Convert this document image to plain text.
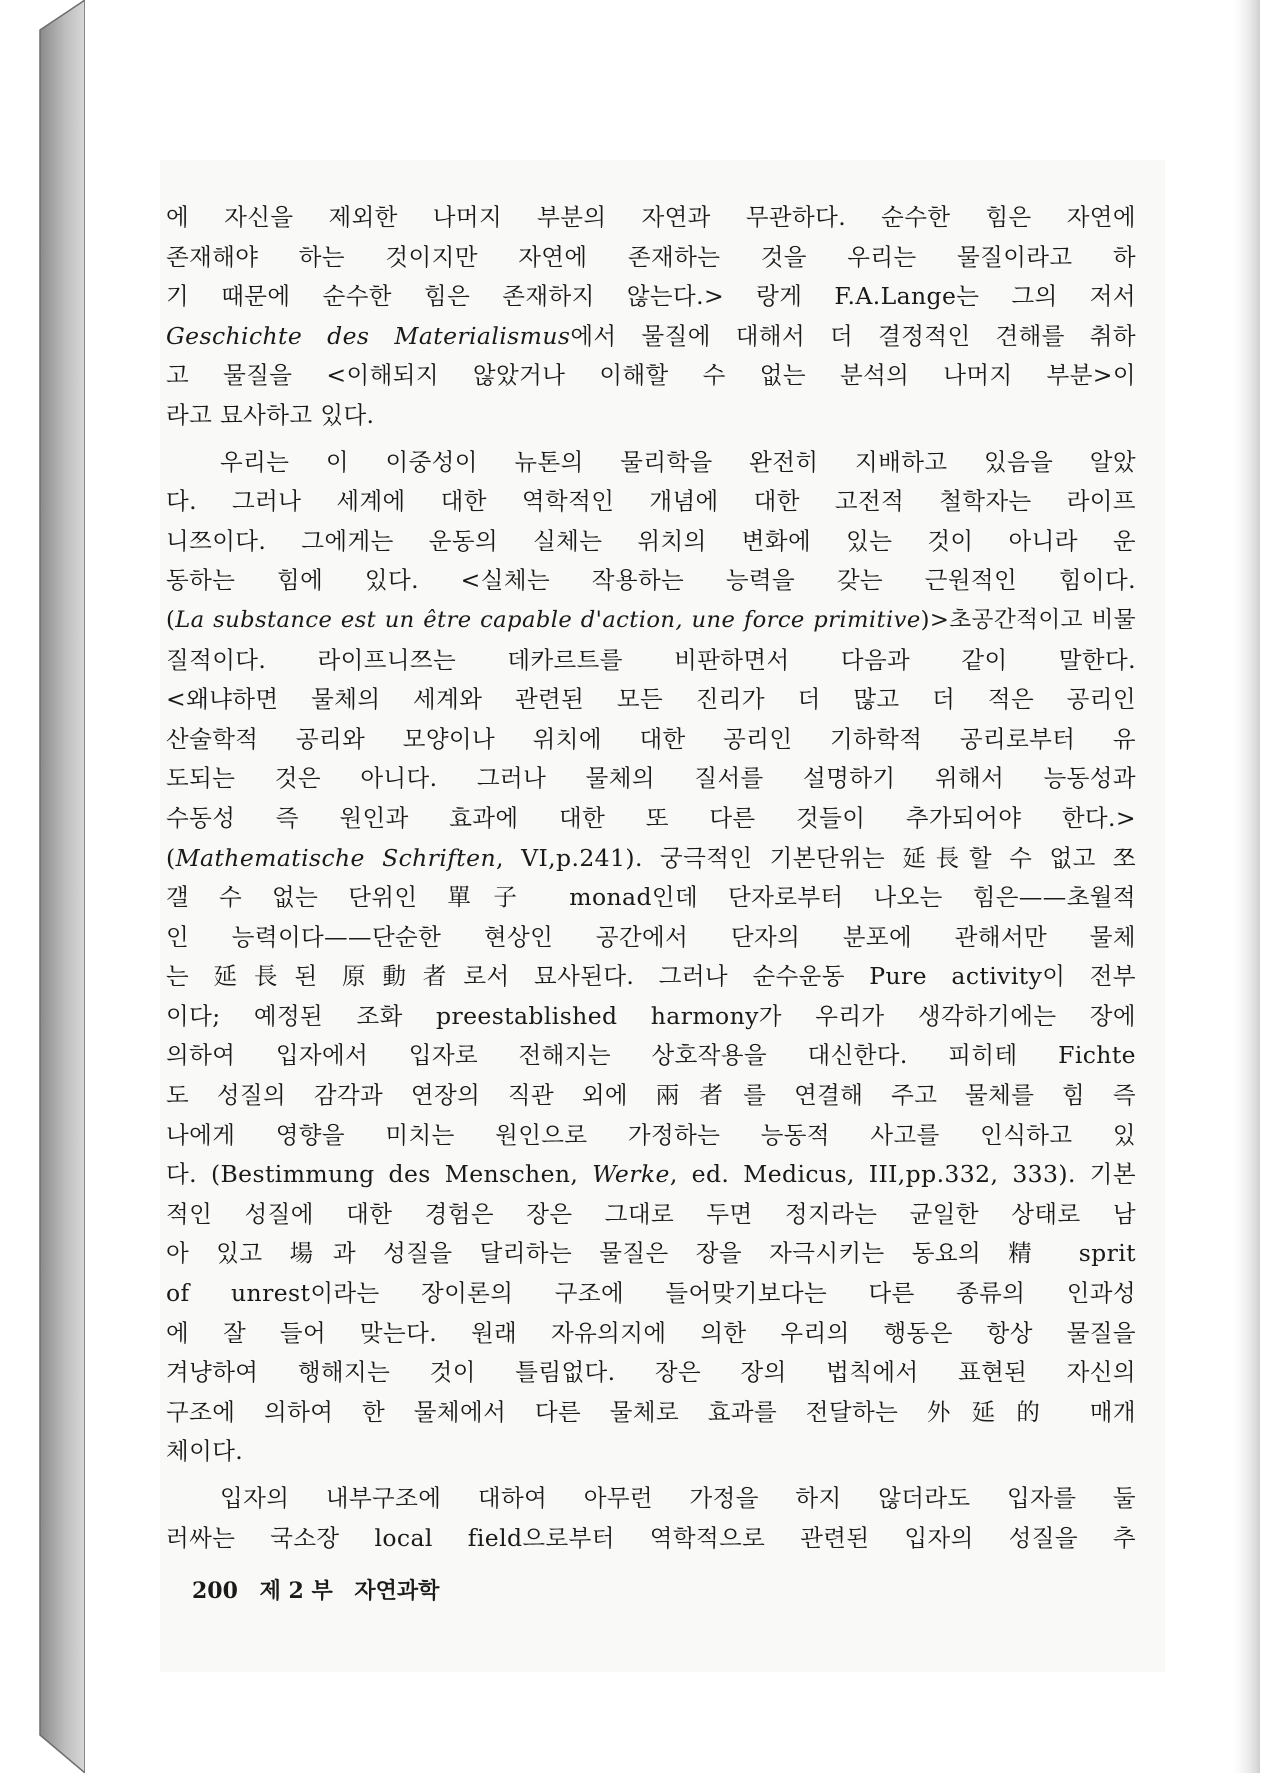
에 자신을 제외한 나머지 부분의 자연과 무관하다. 순수한 힘은 자연에
존재해야 하는 것이지만 자연에 존재하는 것을 우리는 물질이라고 하
기 때문에 순수한 힘은 존재하지 않는다.> 랑게 F.A.Lange는 그의 저서
Geschichte des Materialismus에서 물질에 대해서 더 결정적인 견해를 취하
고 물질을 <이해되지 않았거나 이해할 수 없는 분석의 나머지 부분>이
라고 묘사하고 있다.
우리는 이 이중성이 뉴톤의 물리학을 완전히 지배하고 있음을 알았
다. 그러나 세계에 대한 역학적인 개념에 대한 고전적 철학자는 라이프
니쯔이다. 그에게는 운동의 실체는 위치의 변화에 있는 것이 아니라 운
동하는 힘에 있다. <실체는 작용하는 능력을 갖는 근원적인 힘이다.
(La substance est un être capable d'action, une force primitive)>초공간적이고 비물
질적이다. 라이프니쯔는 데카르트를 비판하면서 다음과 같이 말한다.
<왜냐하면 물체의 세계와 관련된 모든 진리가 더 많고 더 적은 공리인
산술학적 공리와 모양이나 위치에 대한 공리인 기하학적 공리로부터 유
도되는 것은 아니다. 그러나 물체의 질서를 설명하기 위해서 능동성과
수동성 즉 원인과 효과에 대한 또 다른 것들이 추가되어야 한다.>
(Mathematische Schriften, VI,p.241). 궁극적인 기본단위는 延長할 수 없고 쪼
갤 수 없는 단위인 單子 monad인데 단자로부터 나오는 힘은——초월적
인 능력이다——단순한 현상인 공간에서 단자의 분포에 관해서만 물체
는 延長된 原動者로서 묘사된다. 그러나 순수운동 Pure activity이 전부
이다; 예정된 조화 preestablished harmony가 우리가 생각하기에는 장에
의하여 입자에서 입자로 전해지는 상호작용을 대신한다. 피히테 Fichte
도 성질의 감각과 연장의 직관 외에 兩者를 연결해 주고 물체를 힘 즉
나에게 영향을 미치는 원인으로 가정하는 능동적 사고를 인식하고 있
다. (Bestimmung des Menschen, Werke, ed. Medicus, III,pp.332, 333). 기본
적인 성질에 대한 경험은 장은 그대로 두면 정지라는 균일한 상태로 남
아 있고 場과 성질을 달리하는 물질은 장을 자극시키는 동요의 精 sprit
of unrest이라는 장이론의 구조에 들어맞기보다는 다른 종류의 인과성
에 잘 들어 맞는다. 원래 자유의지에 의한 우리의 행동은 항상 물질을
겨냥하여 행해지는 것이 틀림없다. 장은 장의 법칙에서 표현된 자신의
구조에 의하여 한 물체에서 다른 물체로 효과를 전달하는 外延的 매개
체이다.
입자의 내부구조에 대하여 아무런 가정을 하지 않더라도 입자를 둘
러싸는 국소장 local field으로부터 역학적으로 관련된 입자의 성질을 추
200 제 2 부 자연과학
